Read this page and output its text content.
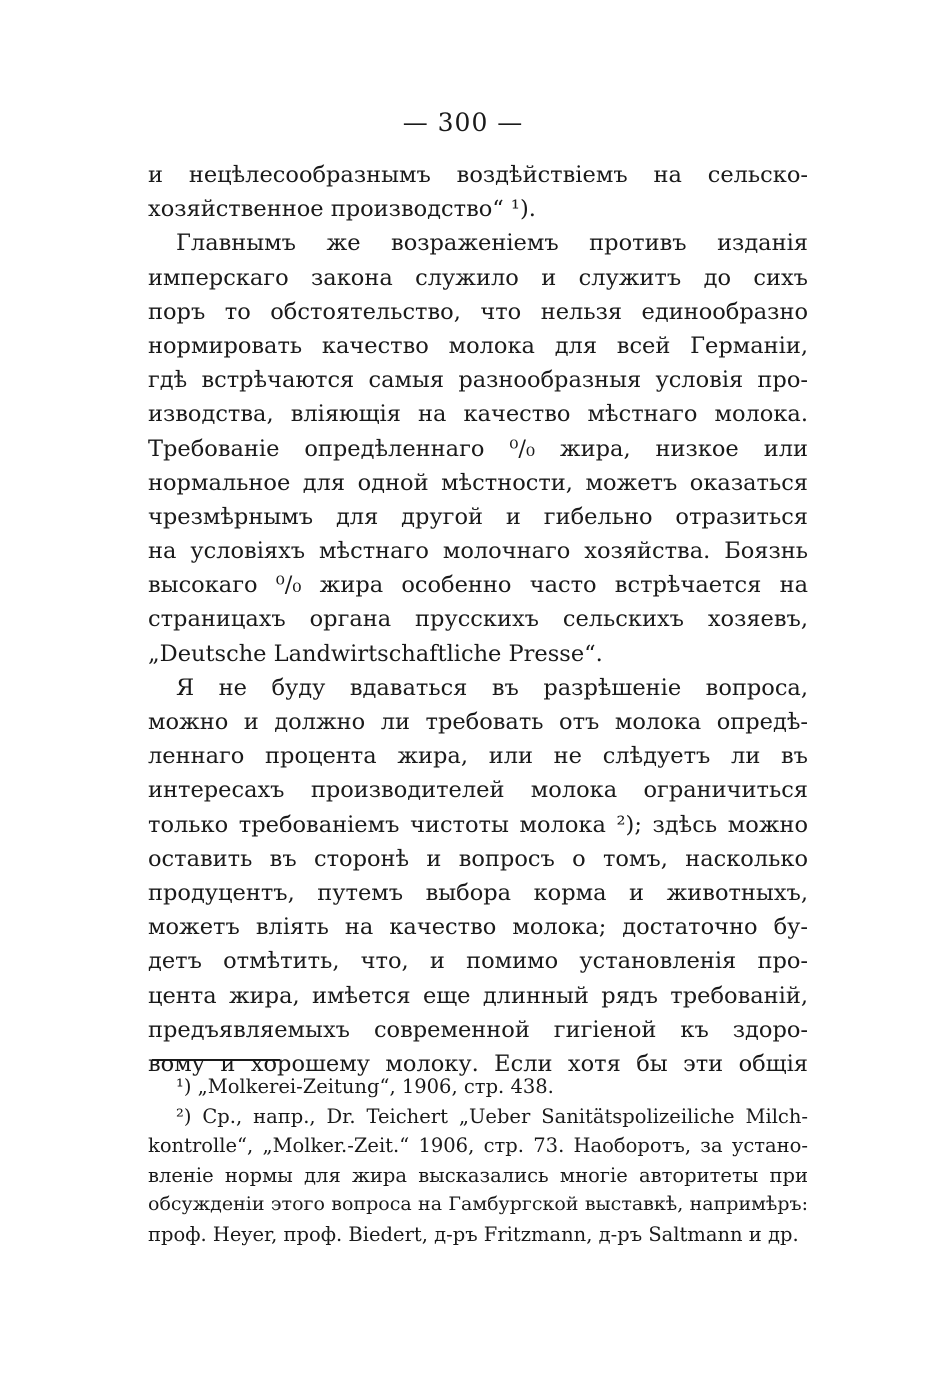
— 300 —
и нецѣлесообразнымъ воздѣйствіемъ на сельско-
хозяйственное производство“ ¹).
Главнымъ же возраженіемъ противъ изданія
имперскаго закона служило и служитъ до сихъ
поръ то обстоятельство, что нельзя единообразно
нормировать качество молока для всей Германіи,
гдѣ встрѣчаются самыя разнообразныя условія про-
изводства, вліяющія на качество мѣстнаго молока.
Требованіе опредѣленнаго ⁰/₀ жира, низкое или
нормальное для одной мѣстности, можетъ оказаться
чрезмѣрнымъ для другой и гибельно отразиться
на условіяхъ мѣстнаго молочнаго хозяйства. Боязнь
высокаго ⁰/₀ жира особенно часто встрѣчается на
страницахъ органа прусскихъ сельскихъ хозяевъ,
„Deutsche Landwirtschaftliche Presse“.
Я не буду вдаваться въ разрѣшеніе вопроса,
можно и должно ли требовать отъ молока опредѣ-
леннаго процента жира, или не слѣдуетъ ли въ
интересахъ производителей молока ограничиться
только требованіемъ чистоты молока ²); здѣсь можно
оставить въ сторонѣ и вопросъ о томъ, насколько
продуцентъ, путемъ выбора корма и животныхъ,
можетъ вліять на качество молока; достаточно бу-
детъ отмѣтить, что, и помимо установленія про-
цента жира, имѣется еще длинный рядъ требованій,
предъявляемыхъ современной гигіеной къ здоро-
вому и хорошему молоку. Если хотя бы эти общія
¹) „Molkerei-Zeitung“, 1906, стр. 438.
²) Ср., напр., Dr. Teichert „Ueber Sanitätspolizeiliche Milch-
kontrolle“, „Molker.-Zeit.“ 1906, стр. 73. Наоборотъ, за устано-
вленіе нормы для жира высказались многіе авторитеты при
обсужденіи этого вопроса на Гамбургской выставкѣ, напримѣръ:
проф. Heyer, проф. Biedert, д-ръ Fritzmann, д-ръ Saltmann и др.
